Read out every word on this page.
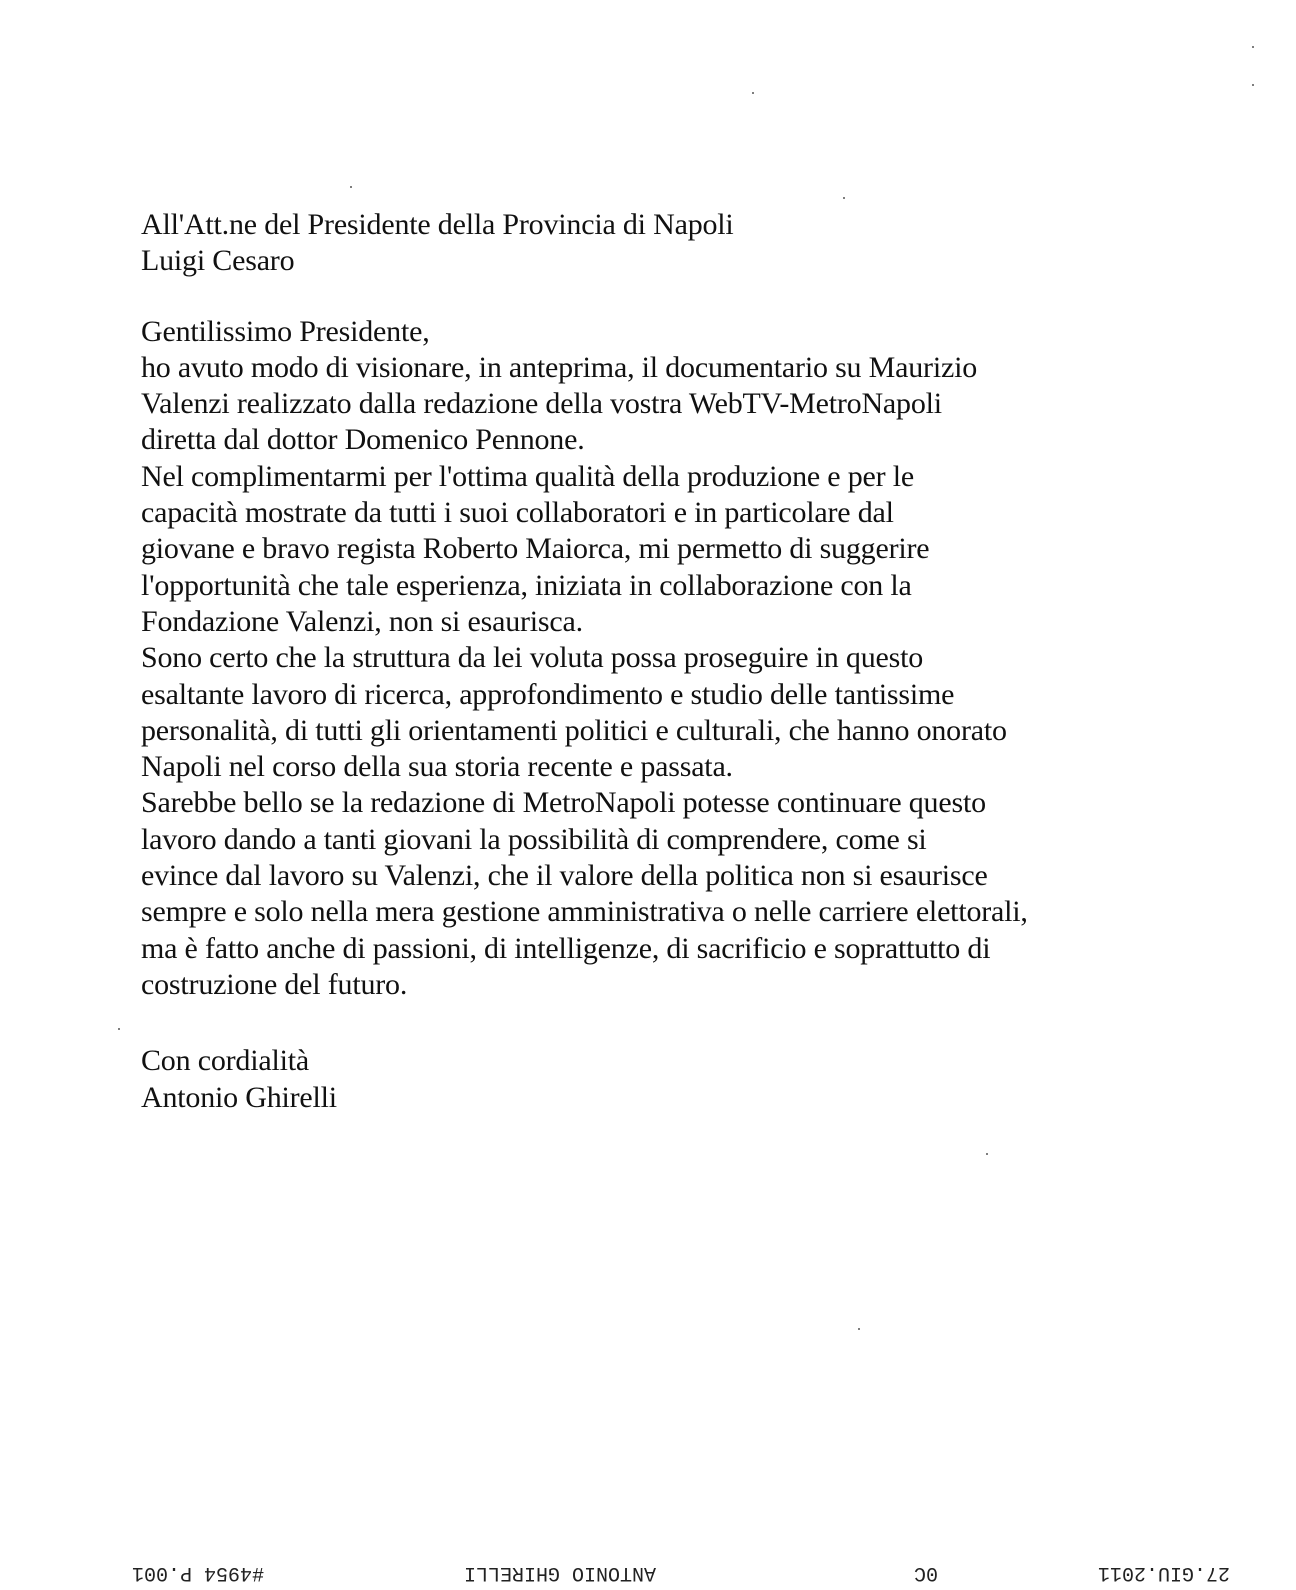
All'Att.ne del Presidente della Provincia di Napoli
Luigi Cesaro
Gentilissimo Presidente,
ho avuto modo di visionare, in anteprima, il documentario su Maurizio
Valenzi realizzato dalla redazione della vostra WebTV-MetroNapoli
diretta dal dottor Domenico Pennone.
Nel complimentarmi per l'ottima qualità della produzione e per le
capacità mostrate da tutti i suoi collaboratori e in particolare dal
giovane e bravo regista Roberto Maiorca, mi permetto di suggerire
l'opportunità che tale esperienza, iniziata in collaborazione con la
Fondazione Valenzi, non si esaurisca.
Sono certo che la struttura da lei voluta possa proseguire in questo
esaltante lavoro di ricerca, approfondimento e studio delle tantissime
personalità, di tutti gli orientamenti politici e culturali, che hanno onorato
Napoli nel corso della sua storia recente e passata.
Sarebbe bello se la redazione di MetroNapoli potesse continuare questo
lavoro dando a tanti giovani la possibilità di comprendere, come si
evince dal lavoro su Valenzi, che il valore della politica non si esaurisce
sempre e solo nella mera gestione amministrativa o nelle carriere elettorali,
ma è fatto anche di passioni, di intelligenze, di sacrificio e soprattutto di
costruzione del futuro.
Con cordialità
Antonio Ghirelli
#4954 P.001	ANTONIO GHIRELLI	0C	27.GIU.2011
